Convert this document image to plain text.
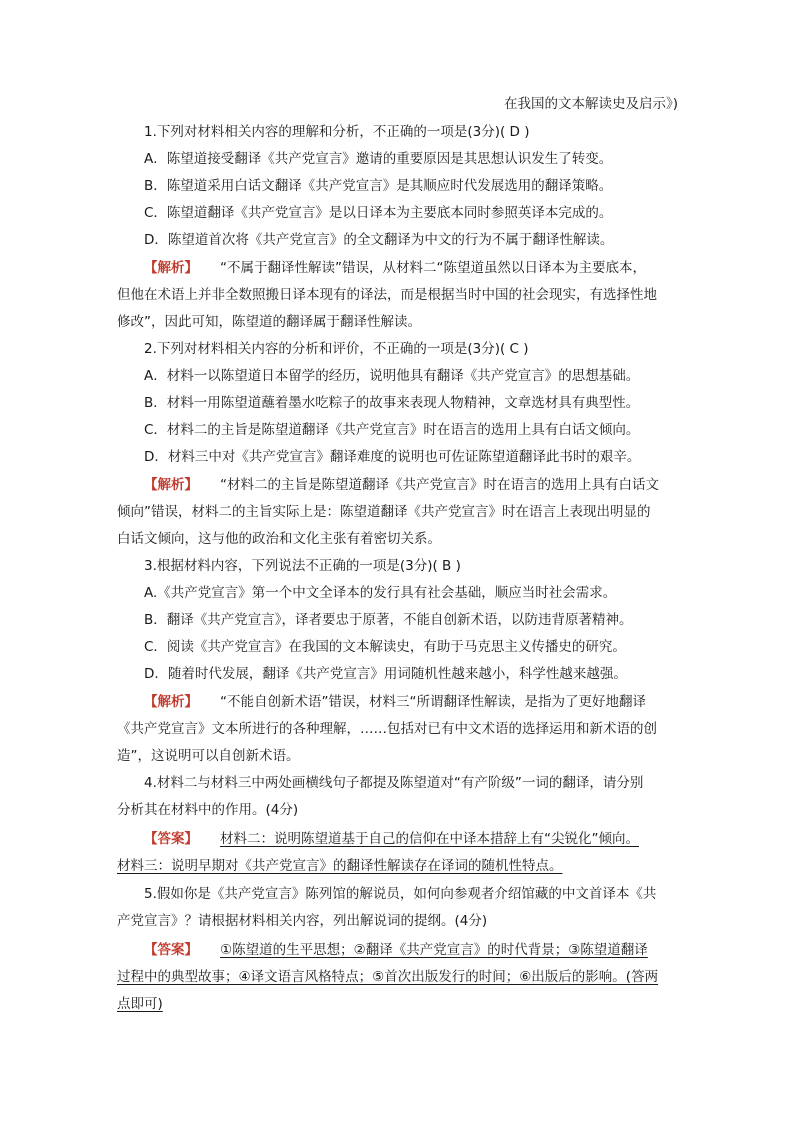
在我国的文本解读史及启示》)
1.下列对材料相关内容的理解和分析，不正确的一项是(3分)( D )
A．陈望道接受翻译《共产党宣言》邀请的重要原因是其思想认识发生了转变。
B．陈望道采用白话文翻译《共产党宣言》是其顺应时代发展选用的翻译策略。
C．陈望道翻译《共产党宣言》是以日译本为主要底本同时参照英译本完成的。
D．陈望道首次将《共产党宣言》的全文翻译为中文的行为不属于翻译性解读。
【解析】 “不属于翻译性解读”错误，从材料二“陈望道虽然以日译本为主要底本，
但他在术语上并非全数照搬日译本现有的译法，而是根据当时中国的社会现实，有选择性地
修改”，因此可知，陈望道的翻译属于翻译性解读。
2.下列对材料相关内容的分析和评价，不正确的一项是(3分)( C )
A．材料一以陈望道日本留学的经历，说明他具有翻译《共产党宣言》的思想基础。
B．材料一用陈望道蘸着墨水吃粽子的故事来表现人物精神，文章选材具有典型性。
C．材料二的主旨是陈望道翻译《共产党宣言》时在语言的选用上具有白话文倾向。
D．材料三中对《共产党宣言》翻译难度的说明也可佐证陈望道翻译此书时的艰辛。
【解析】 “材料二的主旨是陈望道翻译《共产党宣言》时在语言的选用上具有白话文
倾向”错误，材料二的主旨实际上是：陈望道翻译《共产党宣言》时在语言上表现出明显的
白话文倾向，这与他的政治和文化主张有着密切关系。
3.根据材料内容，下列说法不正确的一项是(3分)( B )
A.《共产党宣言》第一个中文全译本的发行具有社会基础，顺应当时社会需求。
B．翻译《共产党宣言》，译者要忠于原著，不能自创新术语，以防违背原著精神。
C．阅读《共产党宣言》在我国的文本解读史，有助于马克思主义传播史的研究。
D．随着时代发展，翻译《共产党宣言》用词随机性越来越小，科学性越来越强。
【解析】 “不能自创新术语”错误，材料三“所谓翻译性解读，是指为了更好地翻译
《共产党宣言》文本所进行的各种理解，……包括对已有中文术语的选择运用和新术语的创
造”，这说明可以自创新术语。
4.材料二与材料三中两处画横线句子都提及陈望道对“有产阶级”一词的翻译，请分别
分析其在材料中的作用。(4分)
【答案】 材料二：说明陈望道基于自己的信仰在中译本措辞上有“尖锐化”倾向。
材料三：说明早期对《共产党宣言》的翻译性解读存在译词的随机性特点。
5.假如你是《共产党宣言》陈列馆的解说员，如何向参观者介绍馆藏的中文首译本《共
产党宣言》？请根据材料相关内容，列出解说词的提纲。(4分)
【答案】 ①陈望道的生平思想；②翻译《共产党宣言》的时代背景；③陈望道翻译
过程中的典型故事；④译文语言风格特点；⑤首次出版发行的时间；⑥出版后的影响。(答两
点即可)
